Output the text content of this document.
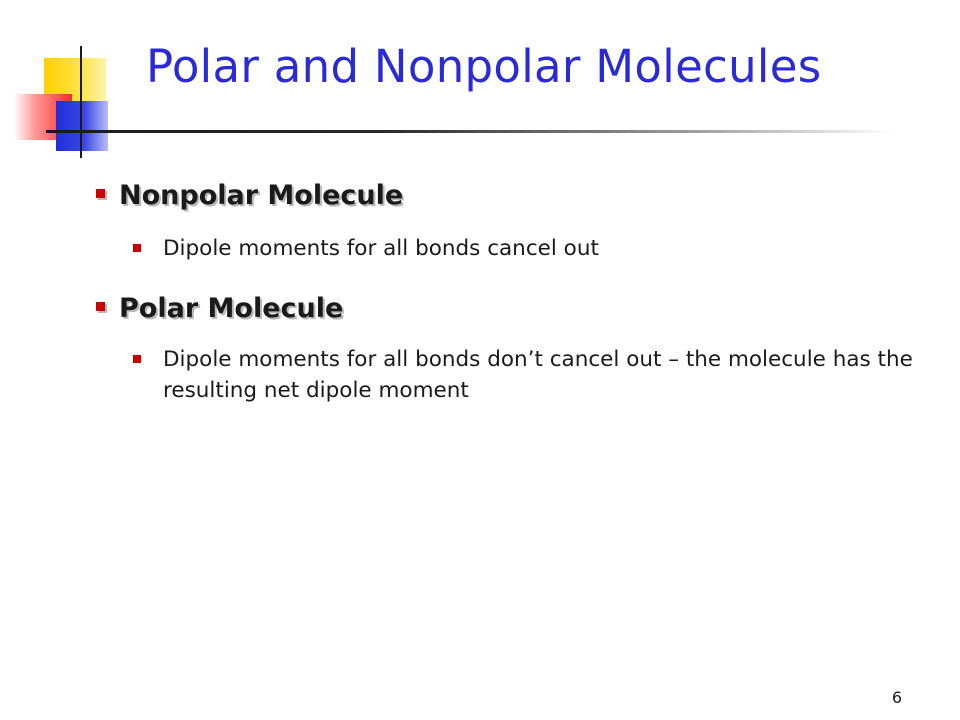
Polar and Nonpolar Molecules
Nonpolar Molecule
Dipole moments for all bonds cancel out
Polar Molecule
Dipole moments for all bonds don’t cancel out – the molecule has the resulting net dipole moment
6
